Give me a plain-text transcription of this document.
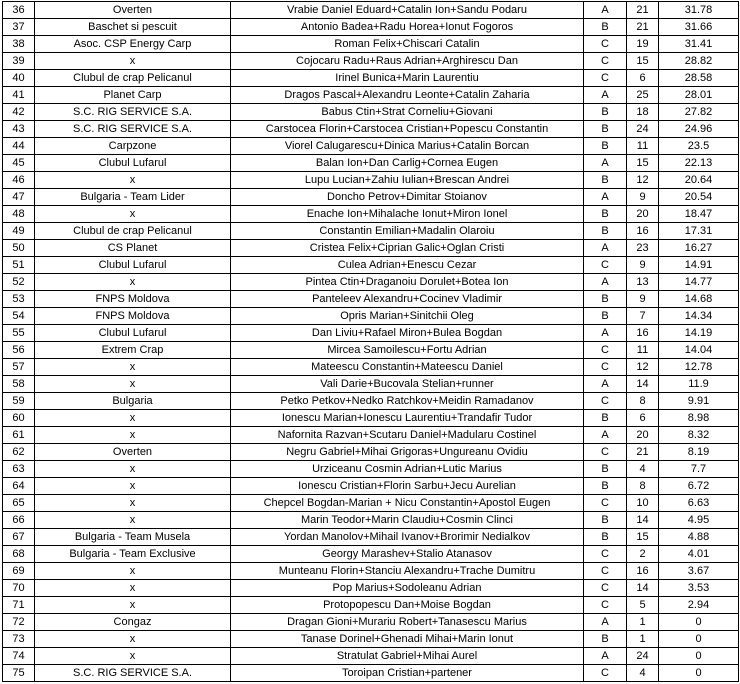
36	Overten	Vrabie Daniel Eduard+Catalin Ion+Sandu Podaru	A	21	31.78
37	Baschet si pescuit	Antonio Badea+Radu Horea+Ionut Fogoros	B	21	31.66
38	Asoc. CSP Energy Carp	Roman Felix+Chiscari Catalin	C	19	31.41
39	x	Cojocaru Radu+Raus Adrian+Arghirescu Dan	C	15	28.82
40	Clubul de crap Pelicanul	Irinel Bunica+Marin Laurentiu	C	6	28.58
41	Planet Carp	Dragos Pascal+Alexandru Leonte+Catalin Zaharia	A	25	28.01
42	S.C. RIG SERVICE S.A.	Babus Ctin+Strat Corneliu+Giovani	B	18	27.82
43	S.C. RIG SERVICE S.A.	Carstocea Florin+Carstocea Cristian+Popescu Constantin	B	24	24.96
44	Carpzone	Viorel Calugarescu+Dinica Marius+Catalin Borcan	B	11	23.5
45	Clubul Lufarul	Balan Ion+Dan Carlig+Cornea Eugen	A	15	22.13
46	x	Lupu Lucian+Zahiu Iulian+Brescan Andrei	B	12	20.64
47	Bulgaria - Team Lider	Doncho Petrov+Dimitar Stoianov	A	9	20.54
48	x	Enache Ion+Mihalache Ionut+Miron Ionel	B	20	18.47
49	Clubul de crap Pelicanul	Constantin Emilian+Madalin Olaroiu	B	16	17.31
50	CS Planet	Cristea Felix+Ciprian Galic+Oglan Cristi	A	23	16.27
51	Clubul Lufarul	Culea Adrian+Enescu Cezar	C	9	14.91
52	x	Pintea Ctin+Draganoiu Dorulet+Botea Ion	A	13	14.77
53	FNPS Moldova	Panteleev Alexandru+Cocinev Vladimir	B	9	14.68
54	FNPS Moldova	Opris Marian+Sinitchii Oleg	B	7	14.34
55	Clubul Lufarul	Dan Liviu+Rafael Miron+Bulea Bogdan	A	16	14.19
56	Extrem Crap	Mircea Samoilescu+Fortu Adrian	C	11	14.04
57	x	Mateescu Constantin+Mateescu Daniel	C	12	12.78
58	x	Vali Darie+Bucovala Stelian+runner	A	14	11.9
59	Bulgaria	Petko Petkov+Nedko Ratchkov+Meidin Ramadanov	C	8	9.91
60	x	Ionescu Marian+Ionescu Laurentiu+Trandafir Tudor	B	6	8.98
61	x	Nafornita Razvan+Scutaru Daniel+Madularu Costinel	A	20	8.32
62	Overten	Negru Gabriel+Mihai Grigoras+Ungureanu Ovidiu	C	21	8.19
63	x	Urziceanu Cosmin Adrian+Lutic Marius	B	4	7.7
64	x	Ionescu Cristian+Florin Sarbu+Jecu Aurelian	B	8	6.72
65	x	Chepcel Bogdan-Marian + Nicu Constantin+Apostol Eugen	C	10	6.63
66	x	Marin Teodor+Marin Claudiu+Cosmin Clinci	B	14	4.95
67	Bulgaria - Team Musela	Yordan Manolov+Mihail Ivanov+Brorimir Nedialkov	B	15	4.88
68	Bulgaria - Team Exclusive	Georgy Marashev+Stalio Atanasov	C	2	4.01
69	x	Munteanu Florin+Stanciu Alexandru+Trache Dumitru	C	16	3.67
70	x	Pop Marius+Sodoleanu Adrian	C	14	3.53
71	x	Protopopescu Dan+Moise Bogdan	C	5	2.94
72	Congaz	Dragan Gioni+Murariu Robert+Tanasescu Marius	A	1	0
73	x	Tanase Dorinel+Ghenadi Mihai+Marin Ionut	B	1	0
74	x	Stratulat Gabriel+Mihai Aurel	A	24	0
75	S.C. RIG SERVICE S.A.	Toroipan Cristian+partener	C	4	0
